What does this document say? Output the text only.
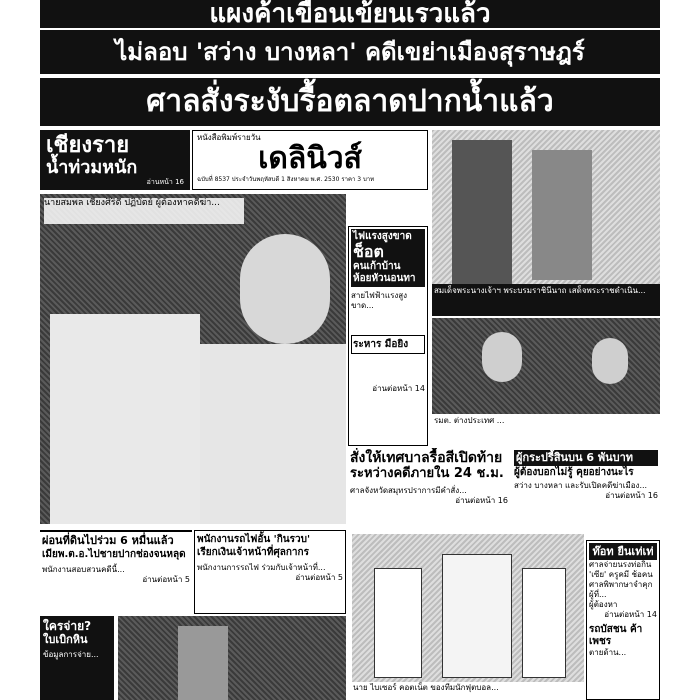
แผงค้าเขื่อนเข้ยนเรวแล้ว
ไม่ลอบ 'สว่าง บางหลา' คดีเขย่าเมืองสุราษฎร์
ศาลสั่งระงับรื้อตลาดปากน้ำแล้ว
เชียงราย
น้ำท่วมหนัก
อ่านหน้า 16
หนังสือพิมพ์รายวัน
เดลินิวส์
ฉบับที่ 8537 ประจำวันพฤหัสบดี 1 สิงหาคม พ.ศ. 2530 ราคา 3 บาท
นายสมพล เชียงศิริดี ปฏิบัตย์ ผู้ต้องหาคดีฆ่า...
ไฟแรงสูงขาด
ช็อต
คนเก้าบ้าน
ห้อยหัวนอนทา
สายไฟฟ้าแรงสูงขาด...
ระหาร มือยิง
อ่านต่อหน้า 14
สมเด็จพระนางเจ้าฯ พระบรมราชินีนาถ เสด็จพระราชดำเนิน...
รมต. ต่างประเทศ ...
สั่งให้เทศบาลรื้อสีเปิดท้าย
ระหว่างคดีภายใน 24 ช.ม.
ศาลจังหวัดสมุทรปราการมีคำสั่ง...
อ่านต่อหน้า 16
ผู้กระปรี้สินบน 6 พันบาท
ผู้ต้องบอกไม่รู้ คุยอย่างนะไร
สว่าง บางหลา และรับเปิดคดีฆ่าเมือง...
อ่านต่อหน้า 16
ผ่อนที่ดินไปร่วม 6 หมื่นแล้ว
เมียพ.ต.อ.ไปชายปากช่องจนหลุด
พนักงานสอบสวนคดีนี้...
อ่านต่อหน้า 5
พนักงานรถไฟอั้น 'กินรวบ'
เรียกเงินเจ้าหน้าที่ศุลกากร
พนักงานการรถไฟ ร่วมกับเจ้าหน้าที่...
อ่านต่อหน้า 5
ใครจ่าย?
ใบเบิกหิน
ข้อมูลการจ่าย...
นาย ไบเซอร์ คอตเน็ต ของทีมนักฟุตบอล...
ท๊อท ยืนเท่เท่
ศาลจ่ายนรงท่อกิน
'เซีย' ครูคมี ช้อคน
ศาลพิพากษาจำคุกผู้ที่...
ผู้ต้องหา
อ่านต่อหน้า 14
รถบัสชน ค้าเพชร
ตายด้าน...
